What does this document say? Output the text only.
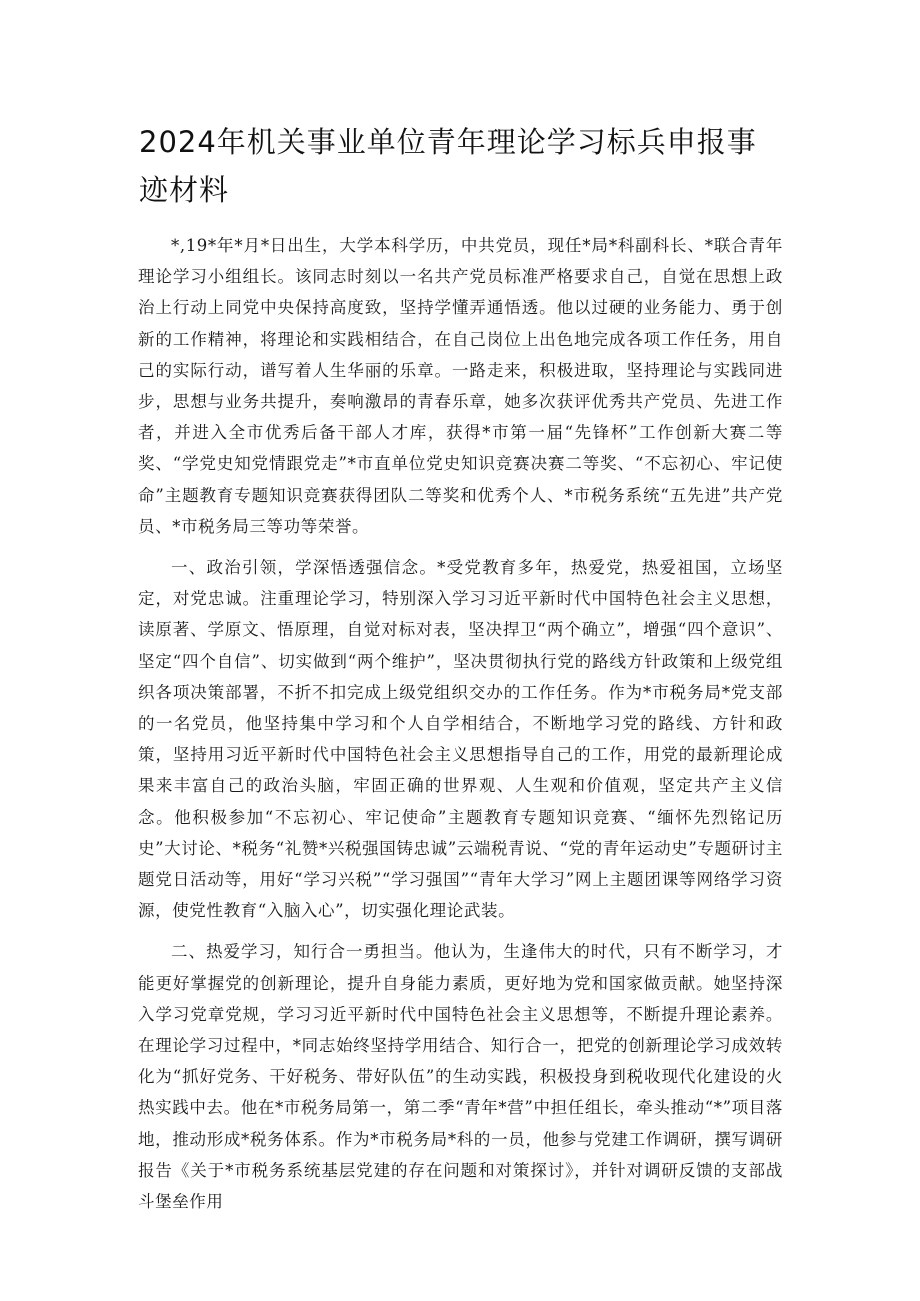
2024年机关事业单位青年理论学习标兵申报事迹材料

*,19*年*月*日出生，大学本科学历，中共党员，现任*局*科副科长、*联合青年理论学习小组组长。该同志时刻以一名共产党员标准严格要求自己，自觉在思想上政治上行动上同党中央保持高度致，坚持学懂弄通悟透。他以过硬的业务能力、勇于创新的工作精神，将理论和实践相结合，在自己岗位上出色地完成各项工作任务，用自己的实际行动，谱写着人生华丽的乐章。一路走来，积极进取，坚持理论与实践同进步，思想与业务共提升，奏响激昂的青春乐章，她多次获评优秀共产党员、先进工作者，并进入全市优秀后备干部人才库，获得*市第一届“先锋杯”工作创新大赛二等奖、“学党史知党情跟党走”*市直单位党史知识竞赛决赛二等奖、“不忘初心、牢记使命”主题教育专题知识竞赛获得团队二等奖和优秀个人、*市税务系统“五先进”共产党员、*市税务局三等功等荣誉。

一、政治引领，学深悟透强信念。*受党教育多年，热爱党，热爱祖国，立场坚定，对党忠诚。注重理论学习，特别深入学习习近平新时代中国特色社会主义思想，读原著、学原文、悟原理，自觉对标对表，坚决捍卫“两个确立”，增强“四个意识”、坚定“四个自信”、切实做到“两个维护”，坚决贯彻执行党的路线方针政策和上级党组织各项决策部署，不折不扣完成上级党组织交办的工作任务。作为*市税务局*党支部的一名党员，他坚持集中学习和个人自学相结合，不断地学习党的路线、方针和政策，坚持用习近平新时代中国特色社会主义思想指导自己的工作，用党的最新理论成果来丰富自己的政治头脑，牢固正确的世界观、人生观和价值观，坚定共产主义信念。他积极参加“不忘初心、牢记使命”主题教育专题知识竞赛、“缅怀先烈铭记历史”大讨论、*税务“礼赞*兴税强国铸忠诚”云端税青说、“党的青年运动史”专题研讨主题党日活动等，用好“学习兴税”“学习强国”“青年大学习”网上主题团课等网络学习资源，使党性教育“入脑入心”，切实强化理论武装。

二、热爱学习，知行合一勇担当。他认为，生逢伟大的时代，只有不断学习，才能更好掌握党的创新理论，提升自身能力素质，更好地为党和国家做贡献。她坚持深入学习党章党规，学习习近平新时代中国特色社会主义思想等，不断提升理论素养。在理论学习过程中，*同志始终坚持学用结合、知行合一，把党的创新理论学习成效转化为“抓好党务、干好税务、带好队伍”的生动实践，积极投身到税收现代化建设的火热实践中去。他在*市税务局第一，第二季“青年*营”中担任组长，牵头推动“*”项目落地，推动形成*税务体系。作为*市税务局*科的一员，他参与党建工作调研，撰写调研报告《关于*市税务系统基层党建的存在问题和对策探讨》，并针对调研反馈的支部战斗堡垒作用
